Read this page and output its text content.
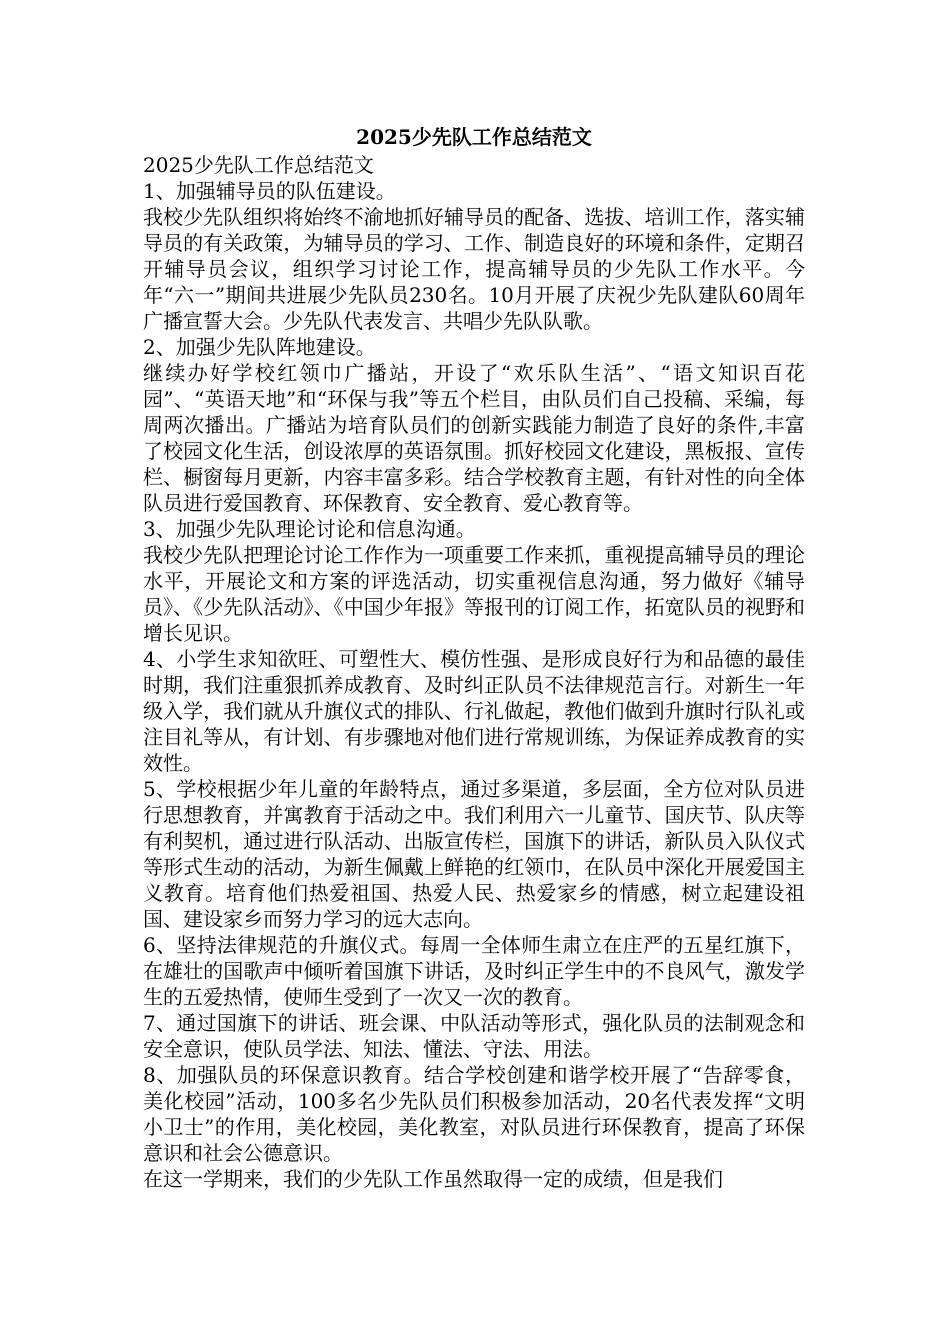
2025少先队工作总结范文

2025少先队工作总结范文

1、加强辅导员的队伍建设。

我校少先队组织将始终不渝地抓好辅导员的配备、选拔、培训工作，落实辅导员的有关政策，为辅导员的学习、工作、制造良好的环境和条件，定期召开辅导员会议，组织学习讨论工作，提高辅导员的少先队工作水平。今年“六一”期间共进展少先队员230名。10月开展了庆祝少先队建队60周年广播宣誓大会。少先队代表发言、共唱少先队队歌。

2、加强少先队阵地建设。

继续办好学校红领巾广播站，开设了“欢乐队生活”、“语文知识百花园”、“英语天地”和“环保与我”等五个栏目，由队员们自己投稿、采编，每周两次播出。广播站为培育队员们的创新实践能力制造了良好的条件,丰富了校园文化生活，创设浓厚的英语氛围。抓好校园文化建设，黑板报、宣传栏、橱窗每月更新，内容丰富多彩。结合学校教育主题，有针对性的向全体队员进行爱国教育、环保教育、安全教育、爱心教育等。

3、加强少先队理论讨论和信息沟通。

我校少先队把理论讨论工作作为一项重要工作来抓，重视提高辅导员的理论水平，开展论文和方案的评选活动，切实重视信息沟通，努力做好《辅导员》、《少先队活动》、《中国少年报》等报刊的订阅工作，拓宽队员的视野和增长见识。

4、小学生求知欲旺、可塑性大、模仿性强、是形成良好行为和品德的最佳时期，我们注重狠抓养成教育、及时纠正队员不法律规范言行。对新生一年级入学，我们就从升旗仪式的排队、行礼做起，教他们做到升旗时行队礼或注目礼等从，有计划、有步骤地对他们进行常规训练，为保证养成教育的实效性。

5、学校根据少年儿童的年龄特点，通过多渠道，多层面，全方位对队员进行思想教育，并寓教育于活动之中。我们利用六一儿童节、国庆节、队庆等有利契机，通过进行队活动、出版宣传栏，国旗下的讲话，新队员入队仪式等形式生动的活动，为新生佩戴上鲜艳的红领巾，在队员中深化开展爱国主义教育。培育他们热爱祖国、热爱人民、热爱家乡的情感，树立起建设祖国、建设家乡而努力学习的远大志向。

6、坚持法律规范的升旗仪式。每周一全体师生肃立在庄严的五星红旗下，在雄壮的国歌声中倾听着国旗下讲话，及时纠正学生中的不良风气，激发学生的五爱热情，使师生受到了一次又一次的教育。

7、通过国旗下的讲话、班会课、中队活动等形式，强化队员的法制观念和安全意识，使队员学法、知法、懂法、守法、用法。

8、加强队员的环保意识教育。结合学校创建和谐学校开展了“告辞零食，美化校园”活动，100多名少先队员们积极参加活动，20名代表发挥“文明小卫士”的作用，美化校园，美化教室，对队员进行环保教育，提高了环保意识和社会公德意识。

在这一学期来，我们的少先队工作虽然取得一定的成绩，但是我们
